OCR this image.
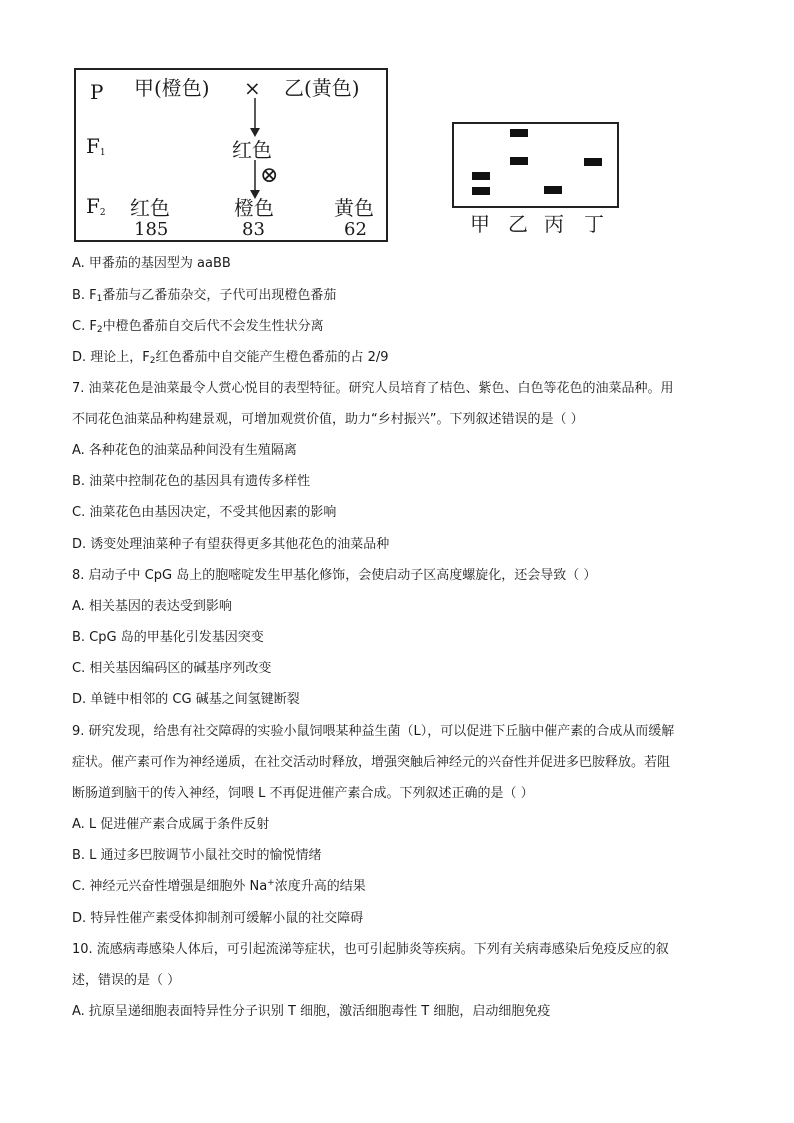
P 甲(橙色) × 乙(黄色)
$F_1$	红色
⊗
$F_2$ 红色	橙色	黄色
185	83	62	甲 乙 丙 丁
A. 甲番茄的基因型为 aaBB
B. $F_1$番茄与乙番茄杂交，子代可出现橙色番茄
C. $F_2$中橙色番茄自交后代不会发生性状分离
D. 理论上，$F_2$红色番茄中自交能产生橙色番茄的占 2/9
7. 油菜花色是油菜最令人赏心悦目的表型特征。研究人员培育了桔色、紫色、白色等花色的油菜品种。用
不同花色油菜品种构建景观，可增加观赏价值，助力“乡村振兴”。下列叙述错误的是（ ）
A. 各种花色的油菜品种间没有生殖隔离
B. 油菜中控制花色的基因具有遗传多样性
C. 油菜花色由基因决定，不受其他因素的影响
D. 诱变处理油菜种子有望获得更多其他花色的油菜品种
8. 启动子中 CpG 岛上的胞嘧啶发生甲基化修饰，会使启动子区高度螺旋化，还会导致（ ）
A. 相关基因的表达受到影响
B. CpG 岛的甲基化引发基因突变
C. 相关基因编码区的碱基序列改变
D. 单链中相邻的 CG 碱基之间氢键断裂
9. 研究发现，给患有社交障碍的实验小鼠饲喂某种益生菌（L），可以促进下丘脑中催产素的合成从而缓解
症状。催产素可作为神经递质，在社交活动时释放，增强突触后神经元的兴奋性并促进多巴胺释放。若阻
断肠道到脑干的传入神经，饲喂 L 不再促进催产素合成。下列叙述正确的是（ ）
A. L 促进催产素合成属于条件反射
B. L 通过多巴胺调节小鼠社交时的愉悦情绪
C. 神经元兴奋性增强是细胞外 Na+浓度升高的结果
D. 特异性催产素受体抑制剂可缓解小鼠的社交障碍
10. 流感病毒感染人体后，可引起流涕等症状，也可引起肺炎等疾病。下列有关病毒感染后免疫反应的叙
述，错误的是（ ）
A. 抗原呈递细胞表面特异性分子识别 T 细胞，激活细胞毒性 T 细胞，启动细胞免疫
